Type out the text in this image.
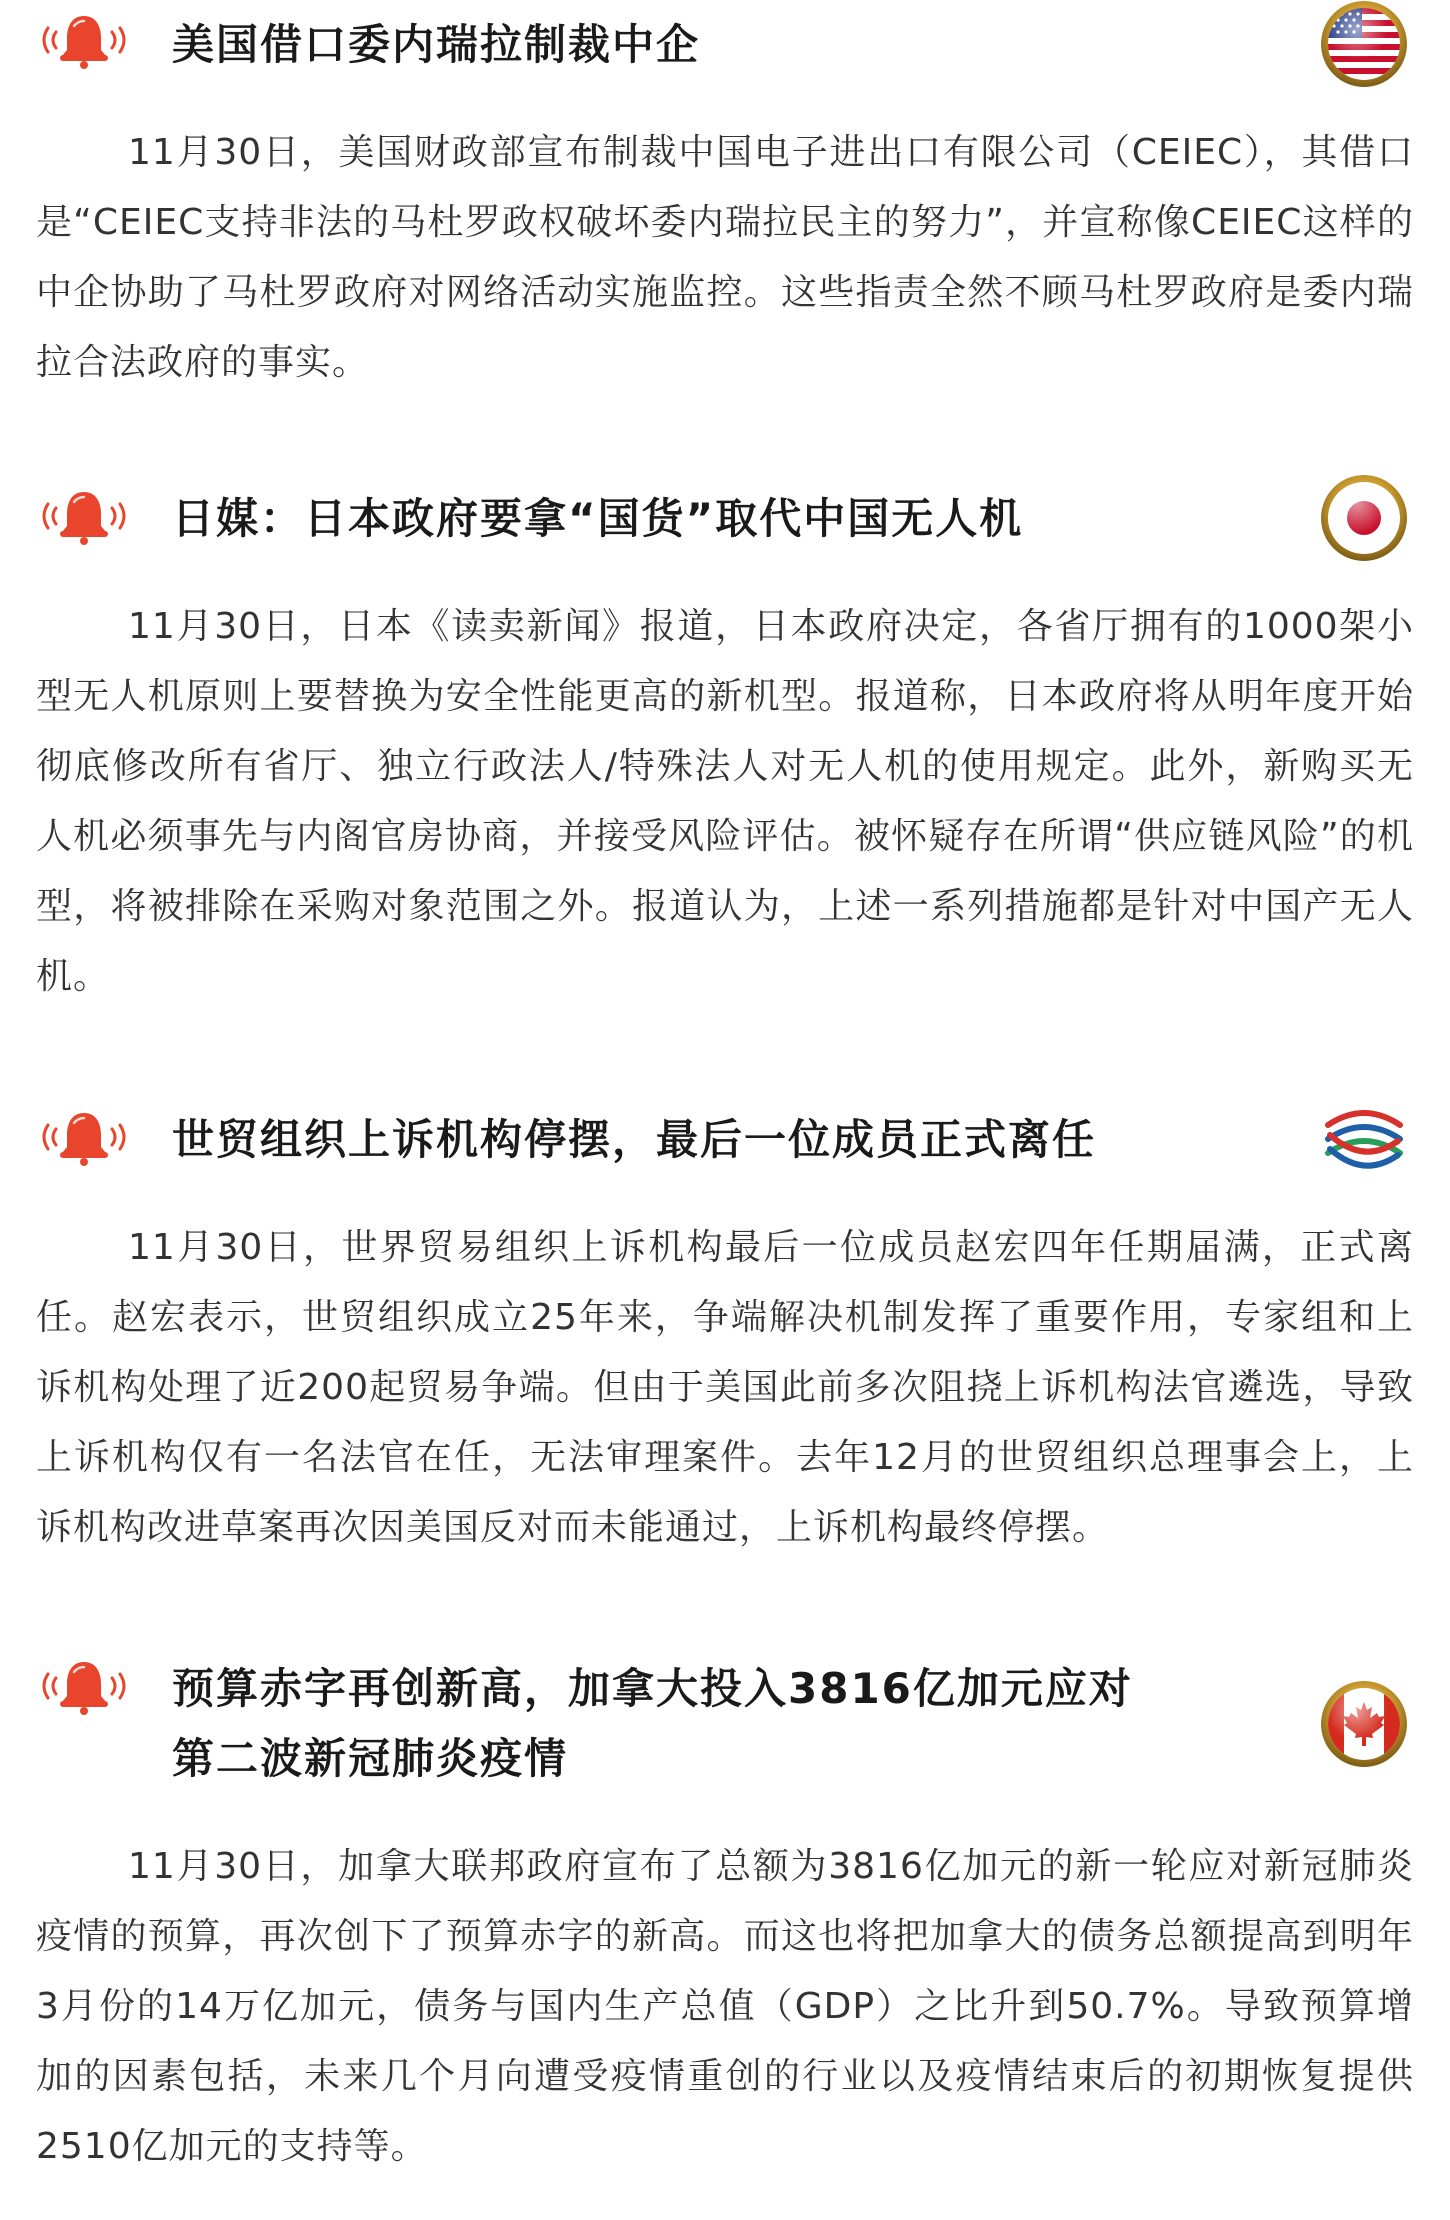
美国借口委内瑞拉制裁中企
11月30日，美国财政部宣布制裁中国电子进出口有限公司（CEIEC），其借口是“CEIEC支持非法的马杜罗政权破坏委内瑞拉民主的努力”，并宣称像CEIEC这样的中企协助了马杜罗政府对网络活动实施监控。这些指责全然不顾马杜罗政府是委内瑞拉合法政府的事实。
日媒：日本政府要拿“国货”取代中国无人机
11月30日，日本《读卖新闻》报道，日本政府决定，各省厅拥有的1000架小型无人机原则上要替换为安全性能更高的新机型。报道称，日本政府将从明年度开始彻底修改所有省厅、独立行政法人/特殊法人对无人机的使用规定。此外，新购买无人机必须事先与内阁官房协商，并接受风险评估。被怀疑存在所谓“供应链风险”的机型，将被排除在采购对象范围之外。报道认为，上述一系列措施都是针对中国产无人机。
世贸组织上诉机构停摆，最后一位成员正式离任
11月30日，世界贸易组织上诉机构最后一位成员赵宏四年任期届满，正式离任。赵宏表示，世贸组织成立25年来，争端解决机制发挥了重要作用，专家组和上诉机构处理了近200起贸易争端。但由于美国此前多次阻挠上诉机构法官遴选，导致上诉机构仅有一名法官在任，无法审理案件。去年12月的世贸组织总理事会上，上诉机构改进草案再次因美国反对而未能通过，上诉机构最终停摆。
预算赤字再创新高，加拿大投入3816亿加元应对
第二波新冠肺炎疫情
11月30日，加拿大联邦政府宣布了总额为3816亿加元的新一轮应对新冠肺炎疫情的预算，再次创下了预算赤字的新高。而这也将把加拿大的债务总额提高到明年3月份的14万亿加元，债务与国内生产总值（GDP）之比升到50.7%。导致预算增加的因素包括，未来几个月向遭受疫情重创的行业以及疫情结束后的初期恢复提供2510亿加元的支持等。
